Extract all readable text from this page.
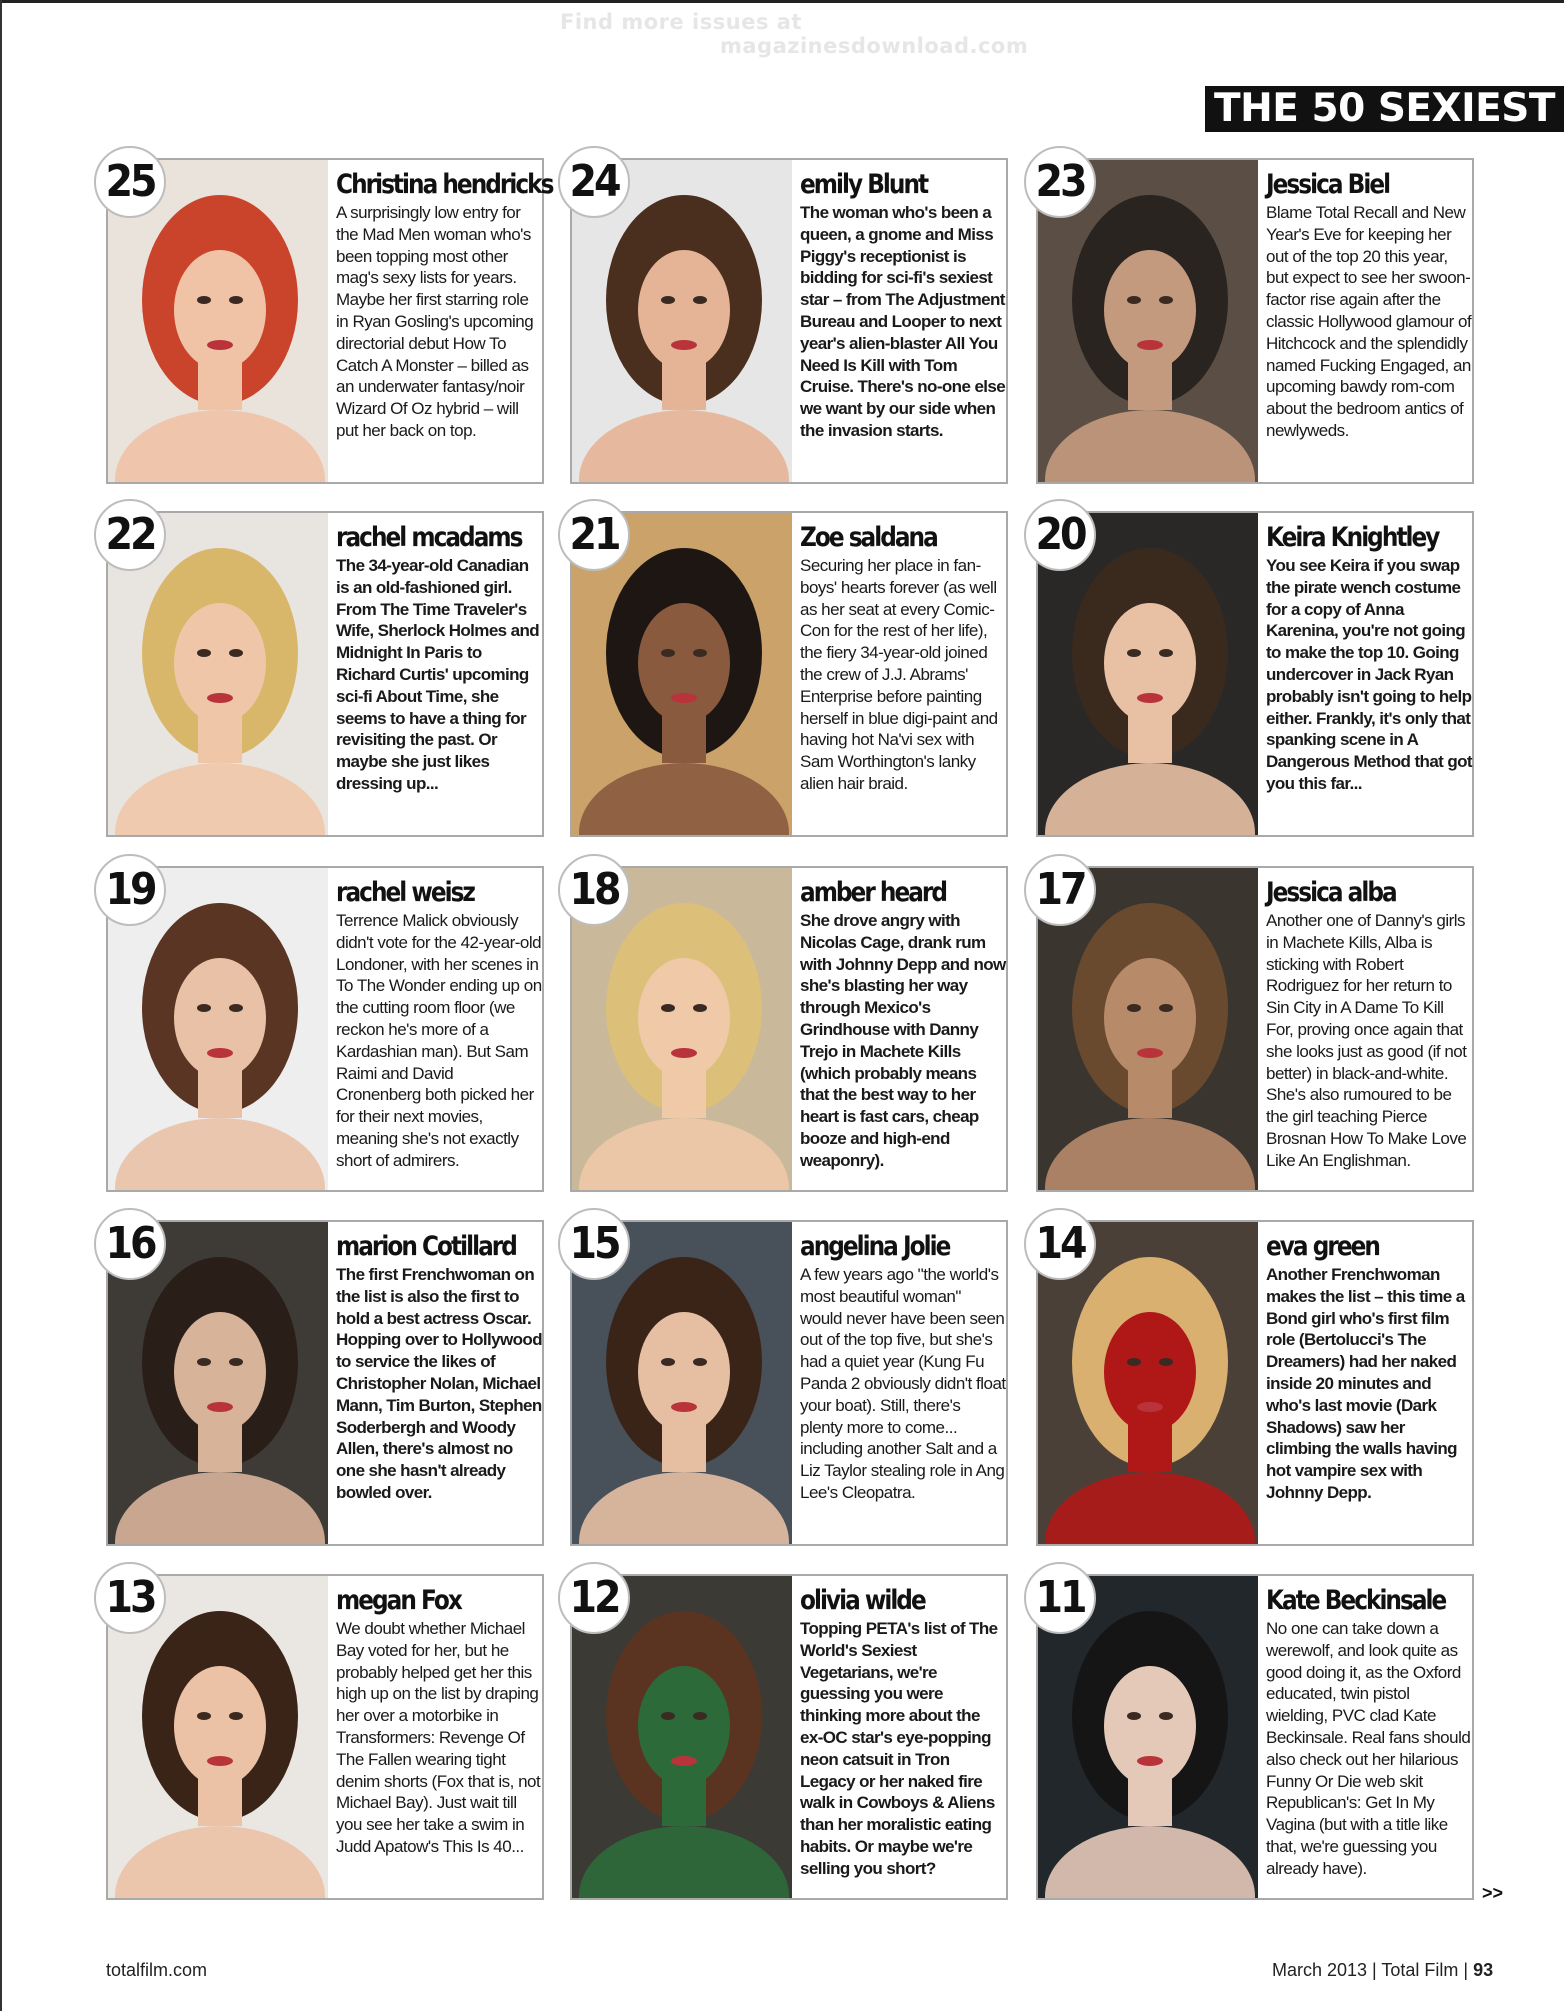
Find more issues at
magazinesdownload.com
THE 50 SEXIEST
25	Christina hendricks
A surprisingly low entry for the Mad Men woman who's been topping most other mag's sexy lists for years. Maybe her first starring role in Ryan Gosling's upcoming directorial debut How To Catch A Monster – billed as an underwater fantasy/noir Wizard Of Oz hybrid – will put her back on top.
24	emily Blunt
The woman who's been a queen, a gnome and Miss Piggy's receptionist is bidding for sci-fi's sexiest star – from The Adjustment Bureau and Looper to next year's alien-blaster All You Need Is Kill with Tom Cruise. There's no-one else we want by our side when the invasion starts.
23	Jessica Biel
Blame Total Recall and New Year's Eve for keeping her out of the top 20 this year, but expect to see her swoon-factor rise again after the classic Hollywood glamour of Hitchcock and the splendidly named Fucking Engaged, an upcoming bawdy rom-com about the bedroom antics of newlyweds.
22	rachel mcadams
The 34-year-old Canadian is an old-fashioned girl. From The Time Traveler's Wife, Sherlock Holmes and Midnight In Paris to Richard Curtis' upcoming sci-fi About Time, she seems to have a thing for revisiting the past. Or maybe she just likes dressing up...
21	Zoe saldana
Securing her place in fan-boys' hearts forever (as well as her seat at every Comic-Con for the rest of her life), the fiery 34-year-old joined the crew of J.J. Abrams' Enterprise before painting herself in blue digi-paint and having hot Na'vi sex with Sam Worthington's lanky alien hair braid.
20	Keira Knightley
You see Keira if you swap the pirate wench costume for a copy of Anna Karenina, you're not going to make the top 10. Going undercover in Jack Ryan probably isn't going to help either. Frankly, it's only that spanking scene in A Dangerous Method that got you this far...
19	rachel weisz
Terrence Malick obviously didn't vote for the 42-year-old Londoner, with her scenes in To The Wonder ending up on the cutting room floor (we reckon he's more of a Kardashian man). But Sam Raimi and David Cronenberg both picked her for their next movies, meaning she's not exactly short of admirers.
18	amber heard
She drove angry with Nicolas Cage, drank rum with Johnny Depp and now she's blasting her way through Mexico's Grindhouse with Danny Trejo in Machete Kills (which probably means that the best way to her heart is fast cars, cheap booze and high-end weaponry).
17	Jessica alba
Another one of Danny's girls in Machete Kills, Alba is sticking with Robert Rodriguez for her return to Sin City in A Dame To Kill For, proving once again that she looks just as good (if not better) in black-and-white. She's also rumoured to be the girl teaching Pierce Brosnan How To Make Love Like An Englishman.
16	marion Cotillard
The first Frenchwoman on the list is also the first to hold a best actress Oscar. Hopping over to Hollywood to service the likes of Christopher Nolan, Michael Mann, Tim Burton, Stephen Soderbergh and Woody Allen, there's almost no one she hasn't already bowled over.
15	angelina Jolie
A few years ago "the world's most beautiful woman" would never have been seen out of the top five, but she's had a quiet year (Kung Fu Panda 2 obviously didn't float your boat). Still, there's plenty more to come... including another Salt and a Liz Taylor stealing role in Ang Lee's Cleopatra.
14	eva green
Another Frenchwoman makes the list – this time a Bond girl who's first film role (Bertolucci's The Dreamers) had her naked inside 20 minutes and who's last movie (Dark Shadows) saw her climbing the walls having hot vampire sex with Johnny Depp.
13	megan Fox
We doubt whether Michael Bay voted for her, but he probably helped get her this high up on the list by draping her over a motorbike in Transformers: Revenge Of The Fallen wearing tight denim shorts (Fox that is, not Michael Bay). Just wait till you see her take a swim in Judd Apatow's This Is 40...
12	olivia wilde
Topping PETA's list of The World's Sexiest Vegetarians, we're guessing you were thinking more about the ex-OC star's eye-popping neon catsuit in Tron Legacy or her naked fire walk in Cowboys & Aliens than her moralistic eating habits. Or maybe we're selling you short?
11	Kate Beckinsale
No one can take down a werewolf, and look quite as good doing it, as the Oxford educated, twin pistol wielding, PVC clad Kate Beckinsale. Real fans should also check out her hilarious Funny Or Die web skit Republican's: Get In My Vagina (but with a title like that, we're guessing you already have).
>>
totalfilm.com	March 2013 | Total Film | 93
